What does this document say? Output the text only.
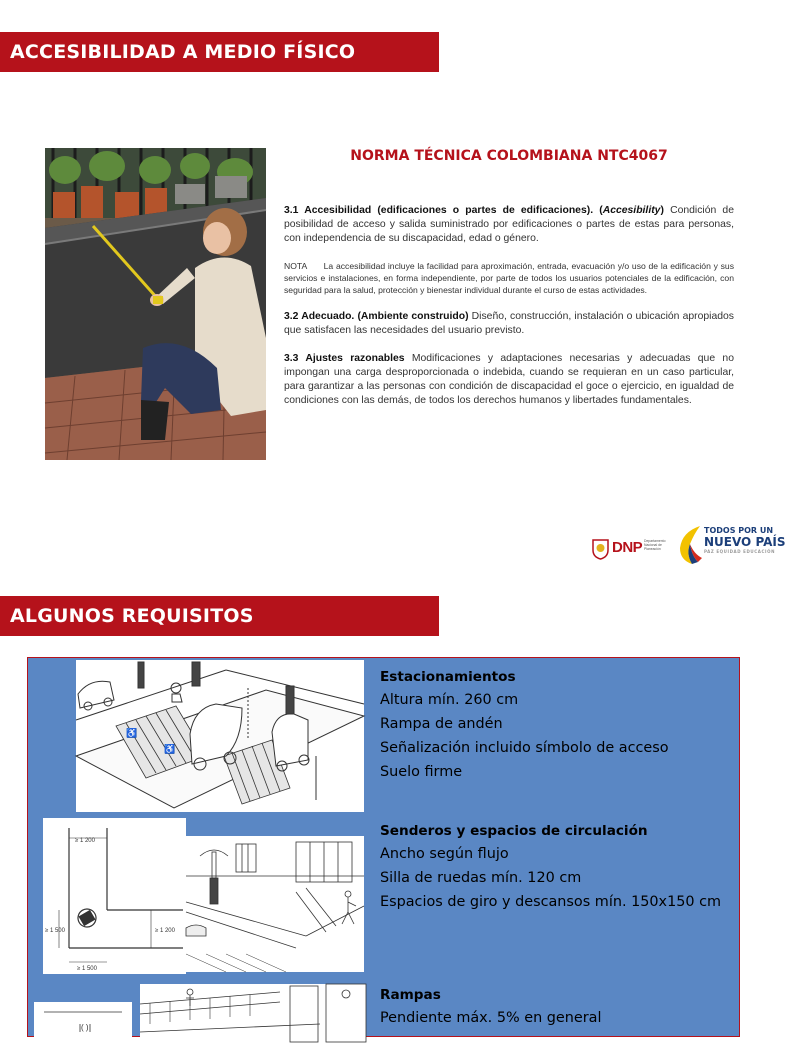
ACCESIBILIDAD A MEDIO FÍSICO
NORMA TÉCNICA COLOMBIANA NTC4067

3.1 Accesibilidad (edificaciones o partes de edificaciones). (Accesibility) Condición de posibilidad de acceso y salida suministrado por edificaciones o partes de estas para personas, con independencia de su discapacidad, edad o género.

NOTA La accesibilidad incluye la facilidad para aproximación, entrada, evacuación y/o uso de la edificación y sus servicios e instalaciones, en forma independiente, por parte de todos los usuarios potenciales de la edificación, con seguridad para la salud, protección y bienestar individual durante el curso de estas actividades.

3.2 Adecuado. (Ambiente construido) Diseño, construcción, instalación o ubicación apropiados que satisfacen las necesidades del usuario previsto.

3.3 Ajustes razonables Modificaciones y adaptaciones necesarias y adecuadas que no impongan una carga desproporcionada o indebida, cuando se requieran en un caso particular, para garantizar a las personas con condición de discapacidad el goce o ejercicio, en igualdad de condiciones con las demás, de todos los derechos humanos y libertades fundamentales.

DNP Departamento Nacional de Planeación
TODOS POR UN
NUEVO PAÍS
PAZ EQUIDAD EDUCACIÓN
ALGUNOS REQUISITOS
♿
♿
Estacionamientos
Altura mín. 260 cm
Rampa de andén
Señalización incluido símbolo de acceso
Suelo firme
≥ 1 200
≥ 1 500	≥ 1 200
≥ 1 500
Senderos y espacios de circulación
Ancho según flujo
Silla de ruedas mín. 120 cm
Espacios de giro y descansos mín. 150x150 cm
( )
Rampas
Pendiente máx. 5% en general
